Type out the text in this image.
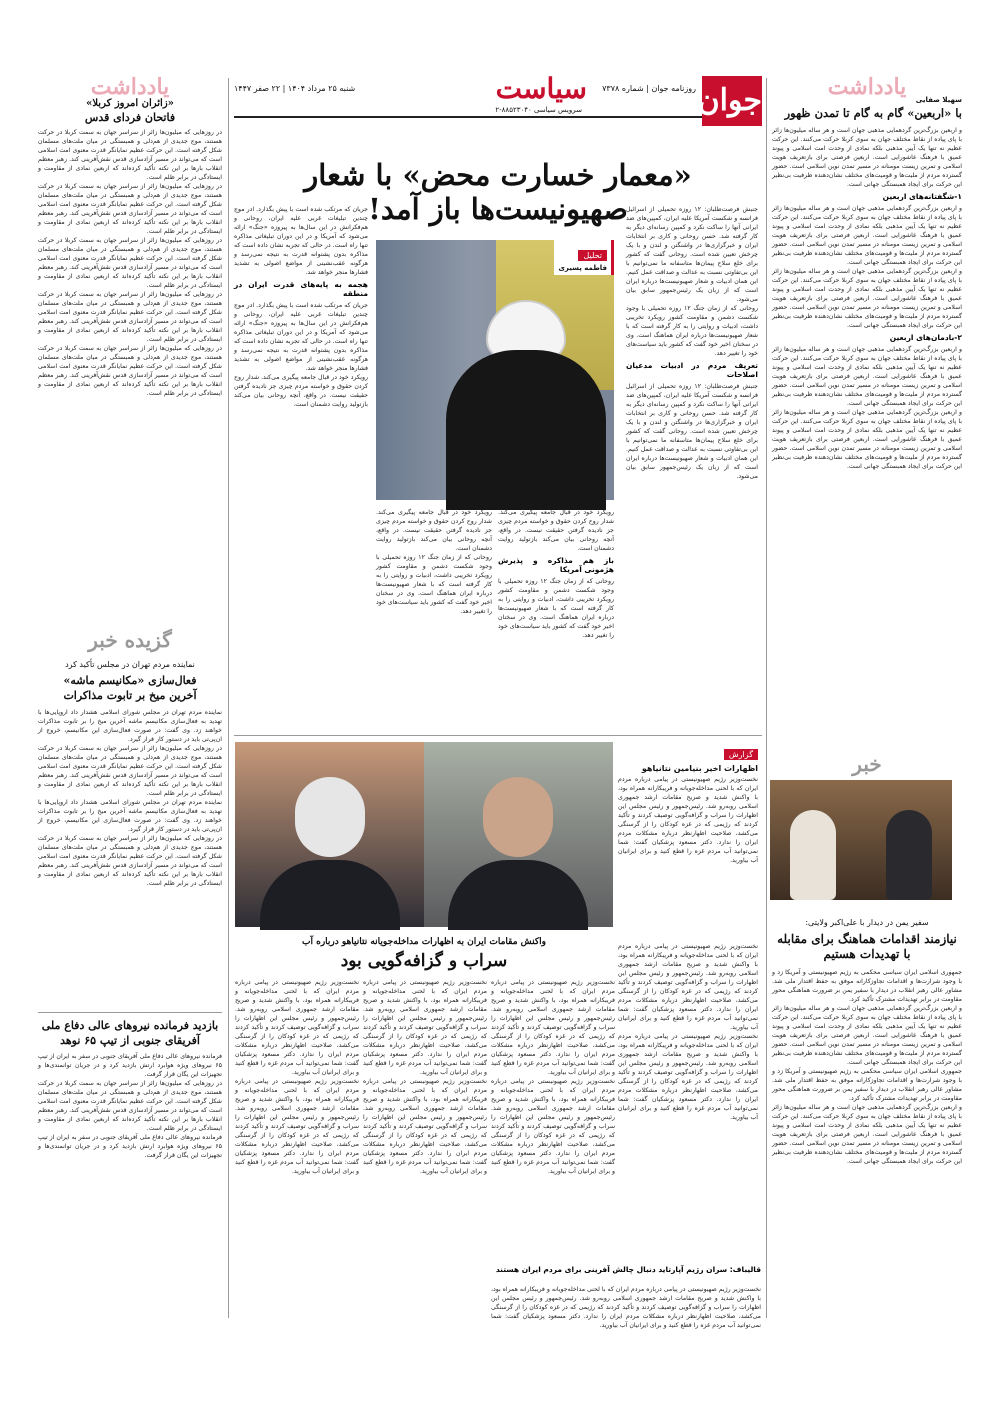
جوان
روزنامه جوان | شماره ۷۳۷۸
سیاست
سرویس سیاسی ۸۸۵۲۳۰۴۰-۲
شنبه ۲۵ مرداد ۱۴۰۴ | ۲۲ صفر ۱۴۴۷
«معمار خسارت محض» با شعار صهیونیست‌ها باز آمد!
تحلیل
فاطمه‌ پسیری
جنبش فرصت‌طلبان: ۱۲ روزه تحمیلی از اسرائیل فرانسه و شکست آمریکا علیه ایران، کمپین‌های ضد ایرانی آنها را ساکت نکرد و کمپین رسانه‌ای دیگر به کار گرفته شد. حسن روحانی و کاری بر انتخابات ایران و خبرگزاری‌ها در واشنگتن و لندن و با یک چرخش تعیین شده است. روحانی گفت که کشور برای خلع سلاح پیمان‌ها متاسفانه ما نمی‌توانیم با این بی‌تفاوتی نسبت به عدالت و صداقت عمل کنیم. این همان ادبیات و شعار صهیونیست‌ها درباره ایران است که از زبان یک رئیس‌جمهور سابق بیان می‌شود.
روحانی که از زمان جنگ ۱۲ روزه تحمیلی با وجود شکست دشمن و مقاومت کشور رویکرد تخریبی داشت، ادبیات و روایتی را به کار گرفته است که با شعار صهیونیست‌ها درباره ایران هماهنگ است. وی در سخنان اخیر خود گفت که کشور باید سیاست‌های خود را تغییر دهد.
تعریف مردم در ادبیات مدعیان اصلاحات
جنبش فرصت‌طلبان: ۱۲ روزه تحمیلی از اسرائیل فرانسه و شکست آمریکا علیه ایران، کمپین‌های ضد ایرانی آنها را ساکت نکرد و کمپین رسانه‌ای دیگر به کار گرفته شد. حسن روحانی و کاری بر انتخابات ایران و خبرگزاری‌ها در واشنگتن و لندن و با یک چرخش تعیین شده است. روحانی گفت که کشور برای خلع سلاح پیمان‌ها متاسفانه ما نمی‌توانیم با این بی‌تفاوتی نسبت به عدالت و صداقت عمل کنیم. این همان ادبیات و شعار صهیونیست‌ها درباره ایران است که از زبان یک رئیس‌جمهور سابق بیان می‌شود.
رویکرد خود در قبال جامعه پیگیری می‌کند. شدار روح کردن حقوق و خواسته مردم چیزی جز نادیده گرفتن حقیقت نیست. در واقع، آنچه روحانی بیان می‌کند بازتولید روایت دشمنان است.
روحانی که از زمان جنگ ۱۲ روزه تحمیلی با وجود شکست دشمن و مقاومت کشور رویکرد تخریبی داشت، ادبیات و روایتی را به کار گرفته است که با شعار صهیونیست‌ها درباره ایران هماهنگ است. وی در سخنان اخیر خود گفت که کشور باید سیاست‌های خود را تغییر دهد.
رویکرد خود در قبال جامعه پیگیری می‌کند. شدار روح کردن حقوق و خواسته مردم چیزی جز نادیده گرفتن حقیقت نیست. در واقع، آنچه روحانی بیان می‌کند بازتولید روایت دشمنان است.
باز هم مذاکره و پذیرش هژمونی آمریکا
روحانی که از زمان جنگ ۱۲ روزه تحمیلی با وجود شکست دشمن و مقاومت کشور رویکرد تخریبی داشت، ادبیات و روایتی را به کار گرفته است که با شعار صهیونیست‌ها درباره ایران هماهنگ است. وی در سخنان اخیر خود گفت که کشور باید سیاست‌های خود را تغییر دهد.
جریان که مرتکب شده است با پیش بگذارد. ادر موج چندین تبلیغات غربی علیه ایران، روحانی و هم‌فکرانش در این سال‌ها به پیروزه «جنگ» ارائه می‌شود که آمریکا و در این دوران تبلیغاتی مذاکره تنها راه است. در حالی که تجربه نشان داده است که مذاکره بدون پشتوانه قدرت به نتیجه نمی‌رسد و هرگونه عقب‌نشینی از مواضع اصولی به تشدید فشارها منجر خواهد شد.
هجمه به پایه‌های قدرت ایران در منطقه
جریان که مرتکب شده است با پیش بگذارد. ادر موج چندین تبلیغات غربی علیه ایران، روحانی و هم‌فکرانش در این سال‌ها به پیروزه «جنگ» ارائه می‌شود که آمریکا و در این دوران تبلیغاتی مذاکره تنها راه است. در حالی که تجربه نشان داده است که مذاکره بدون پشتوانه قدرت به نتیجه نمی‌رسد و هرگونه عقب‌نشینی از مواضع اصولی به تشدید فشارها منجر خواهد شد.
رویکرد خود در قبال جامعه پیگیری می‌کند. شدار روح کردن حقوق و خواسته مردم چیزی جز نادیده گرفتن حقیقت نیست. در واقع، آنچه روحانی بیان می‌کند بازتولید روایت دشمنان است.
گزارش
اظهارات اخیر بنیامین نتانیاهو
نخست‌وزیر رژیم صهیونیستی در پیامی درباره مردم ایران که با لحنی مداخله‌جویانه و فریبکارانه همراه بود، با واکنش شدید و صریح مقامات ارشد جمهوری اسلامی روبه‌رو شد. رئیس‌جمهور و رئیس مجلس این اظهارات را سراب و گزافه‌گویی توصیف کردند و تأکید کردند که رژیمی که در غزه کودکان را از گرسنگی می‌کشد، صلاحیت اظهارنظر درباره مشکلات مردم ایران را ندارد. دکتر مسعود پزشکیان گفت: شما نمی‌توانید آب مردم غزه را قطع کنید و برای ایرانیان آب بیاورید.
واکنش مقامات ایران به اظهارات مداخله‌جویانه نتانیاهو درباره آب
سراب و گزافه‌گویی بود
نخست‌وزیر رژیم صهیونیستی در پیامی درباره مردم ایران که با لحنی مداخله‌جویانه و فریبکارانه همراه بود، با واکنش شدید و صریح مقامات ارشد جمهوری اسلامی روبه‌رو شد. رئیس‌جمهور و رئیس مجلس این اظهارات را سراب و گزافه‌گویی توصیف کردند و تأکید کردند که رژیمی که در غزه کودکان را از گرسنگی می‌کشد، صلاحیت اظهارنظر درباره مشکلات مردم ایران را ندارد. دکتر مسعود پزشکیان گفت: شما نمی‌توانید آب مردم غزه را قطع کنید و برای ایرانیان آب بیاورید.
نخست‌وزیر رژیم صهیونیستی در پیامی درباره مردم ایران که با لحنی مداخله‌جویانه و فریبکارانه همراه بود، با واکنش شدید و صریح مقامات ارشد جمهوری اسلامی روبه‌رو شد. رئیس‌جمهور و رئیس مجلس این اظهارات را سراب و گزافه‌گویی توصیف کردند و تأکید کردند که رژیمی که در غزه کودکان را از گرسنگی می‌کشد، صلاحیت اظهارنظر درباره مشکلات مردم ایران را ندارد. دکتر مسعود پزشکیان گفت: شما نمی‌توانید آب مردم غزه را قطع کنید و برای ایرانیان آب بیاورید.
نخست‌وزیر رژیم صهیونیستی در پیامی درباره مردم ایران که با لحنی مداخله‌جویانه و فریبکارانه همراه بود، با واکنش شدید و صریح مقامات ارشد جمهوری اسلامی روبه‌رو شد. رئیس‌جمهور و رئیس مجلس این اظهارات را سراب و گزافه‌گویی توصیف کردند و تأکید کردند که رژیمی که در غزه کودکان را از گرسنگی می‌کشد، صلاحیت اظهارنظر درباره مشکلات مردم ایران را ندارد. دکتر مسعود پزشکیان گفت: شما نمی‌توانید آب مردم غزه را قطع کنید و برای ایرانیان آب بیاورید.
نخست‌وزیر رژیم صهیونیستی در پیامی درباره مردم ایران که با لحنی مداخله‌جویانه و فریبکارانه همراه بود، با واکنش شدید و صریح مقامات ارشد جمهوری اسلامی روبه‌رو شد. رئیس‌جمهور و رئیس مجلس این اظهارات را سراب و گزافه‌گویی توصیف کردند و تأکید کردند که رژیمی که در غزه کودکان را از گرسنگی می‌کشد، صلاحیت اظهارنظر درباره مشکلات مردم ایران را ندارد. دکتر مسعود پزشکیان گفت: شما نمی‌توانید آب مردم غزه را قطع کنید و برای ایرانیان آب بیاورید.
نخست‌وزیر رژیم صهیونیستی در پیامی درباره مردم ایران که با لحنی مداخله‌جویانه و فریبکارانه همراه بود، با واکنش شدید و صریح مقامات ارشد جمهوری اسلامی روبه‌رو شد. رئیس‌جمهور و رئیس مجلس این اظهارات را سراب و گزافه‌گویی توصیف کردند و تأکید کردند که رژیمی که در غزه کودکان را از گرسنگی می‌کشد، صلاحیت اظهارنظر درباره مشکلات مردم ایران را ندارد. دکتر مسعود پزشکیان گفت: شما نمی‌توانید آب مردم غزه را قطع کنید و برای ایرانیان آب بیاورید.
نخست‌وزیر رژیم صهیونیستی در پیامی درباره مردم ایران که با لحنی مداخله‌جویانه و فریبکارانه همراه بود، با واکنش شدید و صریح مقامات ارشد جمهوری اسلامی روبه‌رو شد. رئیس‌جمهور و رئیس مجلس این اظهارات را سراب و گزافه‌گویی توصیف کردند و تأکید کردند که رژیمی که در غزه کودکان را از گرسنگی می‌کشد، صلاحیت اظهارنظر درباره مشکلات مردم ایران را ندارد. دکتر مسعود پزشکیان گفت: شما نمی‌توانید آب مردم غزه را قطع کنید و برای ایرانیان آب بیاورید.
نخست‌وزیر رژیم صهیونیستی در پیامی درباره مردم ایران که با لحنی مداخله‌جویانه و فریبکارانه همراه بود، با واکنش شدید و صریح مقامات ارشد جمهوری اسلامی روبه‌رو شد. رئیس‌جمهور و رئیس مجلس این اظهارات را سراب و گزافه‌گویی توصیف کردند و تأکید کردند که رژیمی که در غزه کودکان را از گرسنگی می‌کشد، صلاحیت اظهارنظر درباره مشکلات مردم ایران را ندارد. دکتر مسعود پزشکیان گفت: شما نمی‌توانید آب مردم غزه را قطع کنید و برای ایرانیان آب بیاورید.
نخست‌وزیر رژیم صهیونیستی در پیامی درباره مردم ایران که با لحنی مداخله‌جویانه و فریبکارانه همراه بود، با واکنش شدید و صریح مقامات ارشد جمهوری اسلامی روبه‌رو شد. رئیس‌جمهور و رئیس مجلس این اظهارات را سراب و گزافه‌گویی توصیف کردند و تأکید کردند که رژیمی که در غزه کودکان را از گرسنگی می‌کشد، صلاحیت اظهارنظر درباره مشکلات مردم ایران را ندارد. دکتر مسعود پزشکیان گفت: شما نمی‌توانید آب مردم غزه را قطع کنید و برای ایرانیان آب بیاورید.
قالیباف: سران رژیم آپارتاید دنبال چالش آفرینی برای مردم ایران هستند
نخست‌وزیر رژیم صهیونیستی در پیامی درباره مردم ایران که با لحنی مداخله‌جویانه و فریبکارانه همراه بود، با واکنش شدید و صریح مقامات ارشد جمهوری اسلامی روبه‌رو شد. رئیس‌جمهور و رئیس مجلس این اظهارات را سراب و گزافه‌گویی توصیف کردند و تأکید کردند که رژیمی که در غزه کودکان را از گرسنگی می‌کشد، صلاحیت اظهارنظر درباره مشکلات مردم ایران را ندارد. دکتر مسعود پزشکیان گفت: شما نمی‌توانید آب مردم غزه را قطع کنید و برای ایرانیان آب بیاورید.
یادداشت	سهیلا صفایی
با «اربعین» گام به گام تا تمدن ظهور
و اربعین بزرگ‌ترین گردهمایی مذهبی جهان است و هر ساله میلیون‌ها زائر با پای پیاده از نقاط مختلف جهان به سوی کربلا حرکت می‌کنند. این حرکت عظیم نه تنها یک آیین مذهبی بلکه نمادی از وحدت امت اسلامی و پیوند عمیق با فرهنگ عاشورایی است. اربعین فرصتی برای بازتعریف هویت اسلامی و تمرین زیست مومنانه در مسیر تمدن نوین اسلامی است. حضور گسترده مردم از ملیت‌ها و قومیت‌های مختلف نشان‌دهنده ظرفیت بی‌نظیر این حرکت برای ایجاد همبستگی جهانی است.
۱-شگفتانه‌های اربعین
و اربعین بزرگ‌ترین گردهمایی مذهبی جهان است و هر ساله میلیون‌ها زائر با پای پیاده از نقاط مختلف جهان به سوی کربلا حرکت می‌کنند. این حرکت عظیم نه تنها یک آیین مذهبی بلکه نمادی از وحدت امت اسلامی و پیوند عمیق با فرهنگ عاشورایی است. اربعین فرصتی برای بازتعریف هویت اسلامی و تمرین زیست مومنانه در مسیر تمدن نوین اسلامی است. حضور گسترده مردم از ملیت‌ها و قومیت‌های مختلف نشان‌دهنده ظرفیت بی‌نظیر این حرکت برای ایجاد همبستگی جهانی است.
و اربعین بزرگ‌ترین گردهمایی مذهبی جهان است و هر ساله میلیون‌ها زائر با پای پیاده از نقاط مختلف جهان به سوی کربلا حرکت می‌کنند. این حرکت عظیم نه تنها یک آیین مذهبی بلکه نمادی از وحدت امت اسلامی و پیوند عمیق با فرهنگ عاشورایی است. اربعین فرصتی برای بازتعریف هویت اسلامی و تمرین زیست مومنانه در مسیر تمدن نوین اسلامی است. حضور گسترده مردم از ملیت‌ها و قومیت‌های مختلف نشان‌دهنده ظرفیت بی‌نظیر این حرکت برای ایجاد همبستگی جهانی است.
۲-بادمان‌های اربعین
و اربعین بزرگ‌ترین گردهمایی مذهبی جهان است و هر ساله میلیون‌ها زائر با پای پیاده از نقاط مختلف جهان به سوی کربلا حرکت می‌کنند. این حرکت عظیم نه تنها یک آیین مذهبی بلکه نمادی از وحدت امت اسلامی و پیوند عمیق با فرهنگ عاشورایی است. اربعین فرصتی برای بازتعریف هویت اسلامی و تمرین زیست مومنانه در مسیر تمدن نوین اسلامی است. حضور گسترده مردم از ملیت‌ها و قومیت‌های مختلف نشان‌دهنده ظرفیت بی‌نظیر این حرکت برای ایجاد همبستگی جهانی است.
و اربعین بزرگ‌ترین گردهمایی مذهبی جهان است و هر ساله میلیون‌ها زائر با پای پیاده از نقاط مختلف جهان به سوی کربلا حرکت می‌کنند. این حرکت عظیم نه تنها یک آیین مذهبی بلکه نمادی از وحدت امت اسلامی و پیوند عمیق با فرهنگ عاشورایی است. اربعین فرصتی برای بازتعریف هویت اسلامی و تمرین زیست مومنانه در مسیر تمدن نوین اسلامی است. حضور گسترده مردم از ملیت‌ها و قومیت‌های مختلف نشان‌دهنده ظرفیت بی‌نظیر این حرکت برای ایجاد همبستگی جهانی است.
خبر
سفیر یمن در دیدار با علی‌اکبر ولایتی:
نیازمند اقدامات هماهنگ برای مقابله با تهدیدات هستیم
جمهوری اسلامی ایران سیاسی محکمی به رژیم صهیونیستی و آمریکا زد و با وجود شرارت‌ها و اقدامات تجاوزکارانه موفق به حفظ اقتدار ملی شد. مشاور عالی رهبر انقلاب در دیدار با سفیر یمن بر ضرورت هماهنگی محور مقاومت در برابر تهدیدات مشترک تأکید کرد.
و اربعین بزرگ‌ترین گردهمایی مذهبی جهان است و هر ساله میلیون‌ها زائر با پای پیاده از نقاط مختلف جهان به سوی کربلا حرکت می‌کنند. این حرکت عظیم نه تنها یک آیین مذهبی بلکه نمادی از وحدت امت اسلامی و پیوند عمیق با فرهنگ عاشورایی است. اربعین فرصتی برای بازتعریف هویت اسلامی و تمرین زیست مومنانه در مسیر تمدن نوین اسلامی است. حضور گسترده مردم از ملیت‌ها و قومیت‌های مختلف نشان‌دهنده ظرفیت بی‌نظیر این حرکت برای ایجاد همبستگی جهانی است.
جمهوری اسلامی ایران سیاسی محکمی به رژیم صهیونیستی و آمریکا زد و با وجود شرارت‌ها و اقدامات تجاوزکارانه موفق به حفظ اقتدار ملی شد. مشاور عالی رهبر انقلاب در دیدار با سفیر یمن بر ضرورت هماهنگی محور مقاومت در برابر تهدیدات مشترک تأکید کرد.
و اربعین بزرگ‌ترین گردهمایی مذهبی جهان است و هر ساله میلیون‌ها زائر با پای پیاده از نقاط مختلف جهان به سوی کربلا حرکت می‌کنند. این حرکت عظیم نه تنها یک آیین مذهبی بلکه نمادی از وحدت امت اسلامی و پیوند عمیق با فرهنگ عاشورایی است. اربعین فرصتی برای بازتعریف هویت اسلامی و تمرین زیست مومنانه در مسیر تمدن نوین اسلامی است. حضور گسترده مردم از ملیت‌ها و قومیت‌های مختلف نشان‌دهنده ظرفیت بی‌نظیر این حرکت برای ایجاد همبستگی جهانی است.
یادداشت
«زائران امروز کربلا»
فاتحان فردای قدس
در روزهایی که میلیون‌ها زائر از سراسر جهان به سمت کربلا در حرکت هستند، موج جدیدی از هم‌دلی و همبستگی در میان ملت‌های مسلمان شکل گرفته است. این حرکت عظیم نمایانگر قدرت معنوی امت اسلامی است که می‌تواند در مسیر آزادسازی قدس نقش‌آفرینی کند. رهبر معظم انقلاب بارها بر این نکته تأکید کرده‌اند که اربعین نمادی از مقاومت و ایستادگی در برابر ظلم است.
در روزهایی که میلیون‌ها زائر از سراسر جهان به سمت کربلا در حرکت هستند، موج جدیدی از هم‌دلی و همبستگی در میان ملت‌های مسلمان شکل گرفته است. این حرکت عظیم نمایانگر قدرت معنوی امت اسلامی است که می‌تواند در مسیر آزادسازی قدس نقش‌آفرینی کند. رهبر معظم انقلاب بارها بر این نکته تأکید کرده‌اند که اربعین نمادی از مقاومت و ایستادگی در برابر ظلم است.
در روزهایی که میلیون‌ها زائر از سراسر جهان به سمت کربلا در حرکت هستند، موج جدیدی از هم‌دلی و همبستگی در میان ملت‌های مسلمان شکل گرفته است. این حرکت عظیم نمایانگر قدرت معنوی امت اسلامی است که می‌تواند در مسیر آزادسازی قدس نقش‌آفرینی کند. رهبر معظم انقلاب بارها بر این نکته تأکید کرده‌اند که اربعین نمادی از مقاومت و ایستادگی در برابر ظلم است.
در روزهایی که میلیون‌ها زائر از سراسر جهان به سمت کربلا در حرکت هستند، موج جدیدی از هم‌دلی و همبستگی در میان ملت‌های مسلمان شکل گرفته است. این حرکت عظیم نمایانگر قدرت معنوی امت اسلامی است که می‌تواند در مسیر آزادسازی قدس نقش‌آفرینی کند. رهبر معظم انقلاب بارها بر این نکته تأکید کرده‌اند که اربعین نمادی از مقاومت و ایستادگی در برابر ظلم است.
در روزهایی که میلیون‌ها زائر از سراسر جهان به سمت کربلا در حرکت هستند، موج جدیدی از هم‌دلی و همبستگی در میان ملت‌های مسلمان شکل گرفته است. این حرکت عظیم نمایانگر قدرت معنوی امت اسلامی است که می‌تواند در مسیر آزادسازی قدس نقش‌آفرینی کند. رهبر معظم انقلاب بارها بر این نکته تأکید کرده‌اند که اربعین نمادی از مقاومت و ایستادگی در برابر ظلم است.
گزیده خبر
نماینده مردم تهران در مجلس تأکید کرد
فعال‌سازی «مکانیسم ماشه»
آخرین میخ بر تابوت مذاکرات
نماینده مردم تهران در مجلس شورای اسلامی هشدار داد اروپایی‌ها با تهدید به فعال‌سازی مکانیسم ماشه آخرین میخ را بر تابوت مذاکرات خواهند زد. وی گفت: در صورت فعال‌سازی این مکانیسم، خروج از ان‌پی‌تی باید در دستور کار قرار گیرد.
در روزهایی که میلیون‌ها زائر از سراسر جهان به سمت کربلا در حرکت هستند، موج جدیدی از هم‌دلی و همبستگی در میان ملت‌های مسلمان شکل گرفته است. این حرکت عظیم نمایانگر قدرت معنوی امت اسلامی است که می‌تواند در مسیر آزادسازی قدس نقش‌آفرینی کند. رهبر معظم انقلاب بارها بر این نکته تأکید کرده‌اند که اربعین نمادی از مقاومت و ایستادگی در برابر ظلم است.
نماینده مردم تهران در مجلس شورای اسلامی هشدار داد اروپایی‌ها با تهدید به فعال‌سازی مکانیسم ماشه آخرین میخ را بر تابوت مذاکرات خواهند زد. وی گفت: در صورت فعال‌سازی این مکانیسم، خروج از ان‌پی‌تی باید در دستور کار قرار گیرد.
در روزهایی که میلیون‌ها زائر از سراسر جهان به سمت کربلا در حرکت هستند، موج جدیدی از هم‌دلی و همبستگی در میان ملت‌های مسلمان شکل گرفته است. این حرکت عظیم نمایانگر قدرت معنوی امت اسلامی است که می‌تواند در مسیر آزادسازی قدس نقش‌آفرینی کند. رهبر معظم انقلاب بارها بر این نکته تأکید کرده‌اند که اربعین نمادی از مقاومت و ایستادگی در برابر ظلم است.
بازدید فرمانده نیروهای عالی دفاع ملی آفریقای جنوبی از تیپ ۶۵ نوهد
فرمانده نیروهای عالی دفاع ملی آفریقای جنوبی در سفر به ایران از تیپ ۶۵ نیروهای ویژه هوابرد ارتش بازدید کرد و در جریان توانمندی‌ها و تجهیزات این یگان قرار گرفت.
در روزهایی که میلیون‌ها زائر از سراسر جهان به سمت کربلا در حرکت هستند، موج جدیدی از هم‌دلی و همبستگی در میان ملت‌های مسلمان شکل گرفته است. این حرکت عظیم نمایانگر قدرت معنوی امت اسلامی است که می‌تواند در مسیر آزادسازی قدس نقش‌آفرینی کند. رهبر معظم انقلاب بارها بر این نکته تأکید کرده‌اند که اربعین نمادی از مقاومت و ایستادگی در برابر ظلم است.
فرمانده نیروهای عالی دفاع ملی آفریقای جنوبی در سفر به ایران از تیپ ۶۵ نیروهای ویژه هوابرد ارتش بازدید کرد و در جریان توانمندی‌ها و تجهیزات این یگان قرار گرفت.
